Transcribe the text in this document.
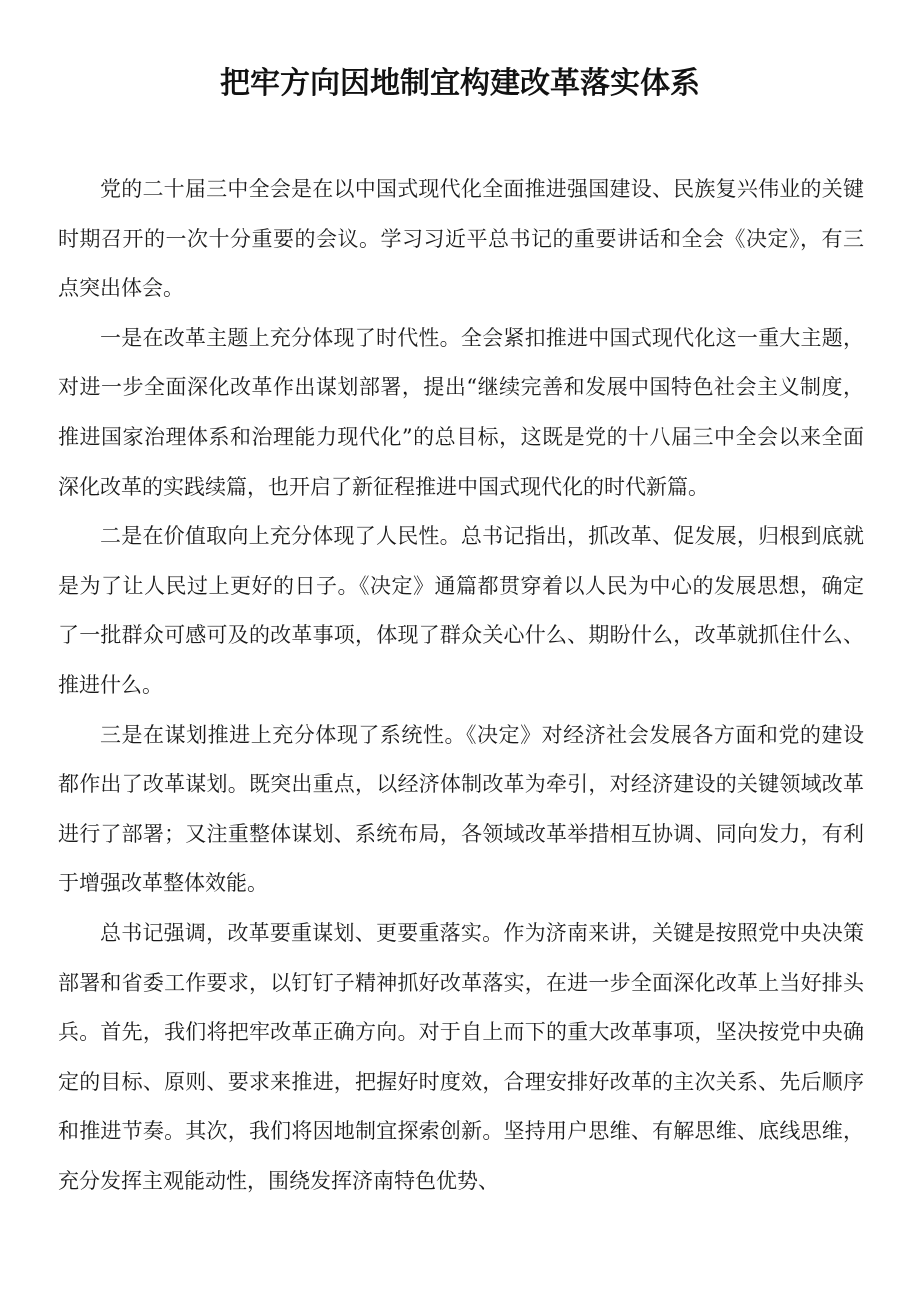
把牢方向因地制宜构建改革落实体系

党的二十届三中全会是在以中国式现代化全面推进强国建设、民族复兴伟业的关键时期召开的一次十分重要的会议。学习习近平总书记的重要讲话和全会《决定》，有三点突出体会。

一是在改革主题上充分体现了时代性。全会紧扣推进中国式现代化这一重大主题，对进一步全面深化改革作出谋划部署，提出“继续完善和发展中国特色社会主义制度，推进国家治理体系和治理能力现代化”的总目标，这既是党的十八届三中全会以来全面深化改革的实践续篇，也开启了新征程推进中国式现代化的时代新篇。

二是在价值取向上充分体现了人民性。总书记指出，抓改革、促发展，归根到底就是为了让人民过上更好的日子。《决定》通篇都贯穿着以人民为中心的发展思想，确定了一批群众可感可及的改革事项，体现了群众关心什么、期盼什么，改革就抓住什么、推进什么。

三是在谋划推进上充分体现了系统性。《决定》对经济社会发展各方面和党的建设都作出了改革谋划。既突出重点，以经济体制改革为牵引，对经济建设的关键领域改革进行了部署；又注重整体谋划、系统布局，各领域改革举措相互协调、同向发力，有利于增强改革整体效能。

总书记强调，改革要重谋划、更要重落实。作为济南来讲，关键是按照党中央决策部署和省委工作要求，以钉钉子精神抓好改革落实，在进一步全面深化改革上当好排头兵。首先，我们将把牢改革正确方向。对于自上而下的重大改革事项，坚决按党中央确定的目标、原则、要求来推进，把握好时度效，合理安排好改革的主次关系、先后顺序和推进节奏。其次，我们将因地制宜探索创新。坚持用户思维、有解思维、底线思维，充分发挥主观能动性，围绕发挥济南特色优势、
